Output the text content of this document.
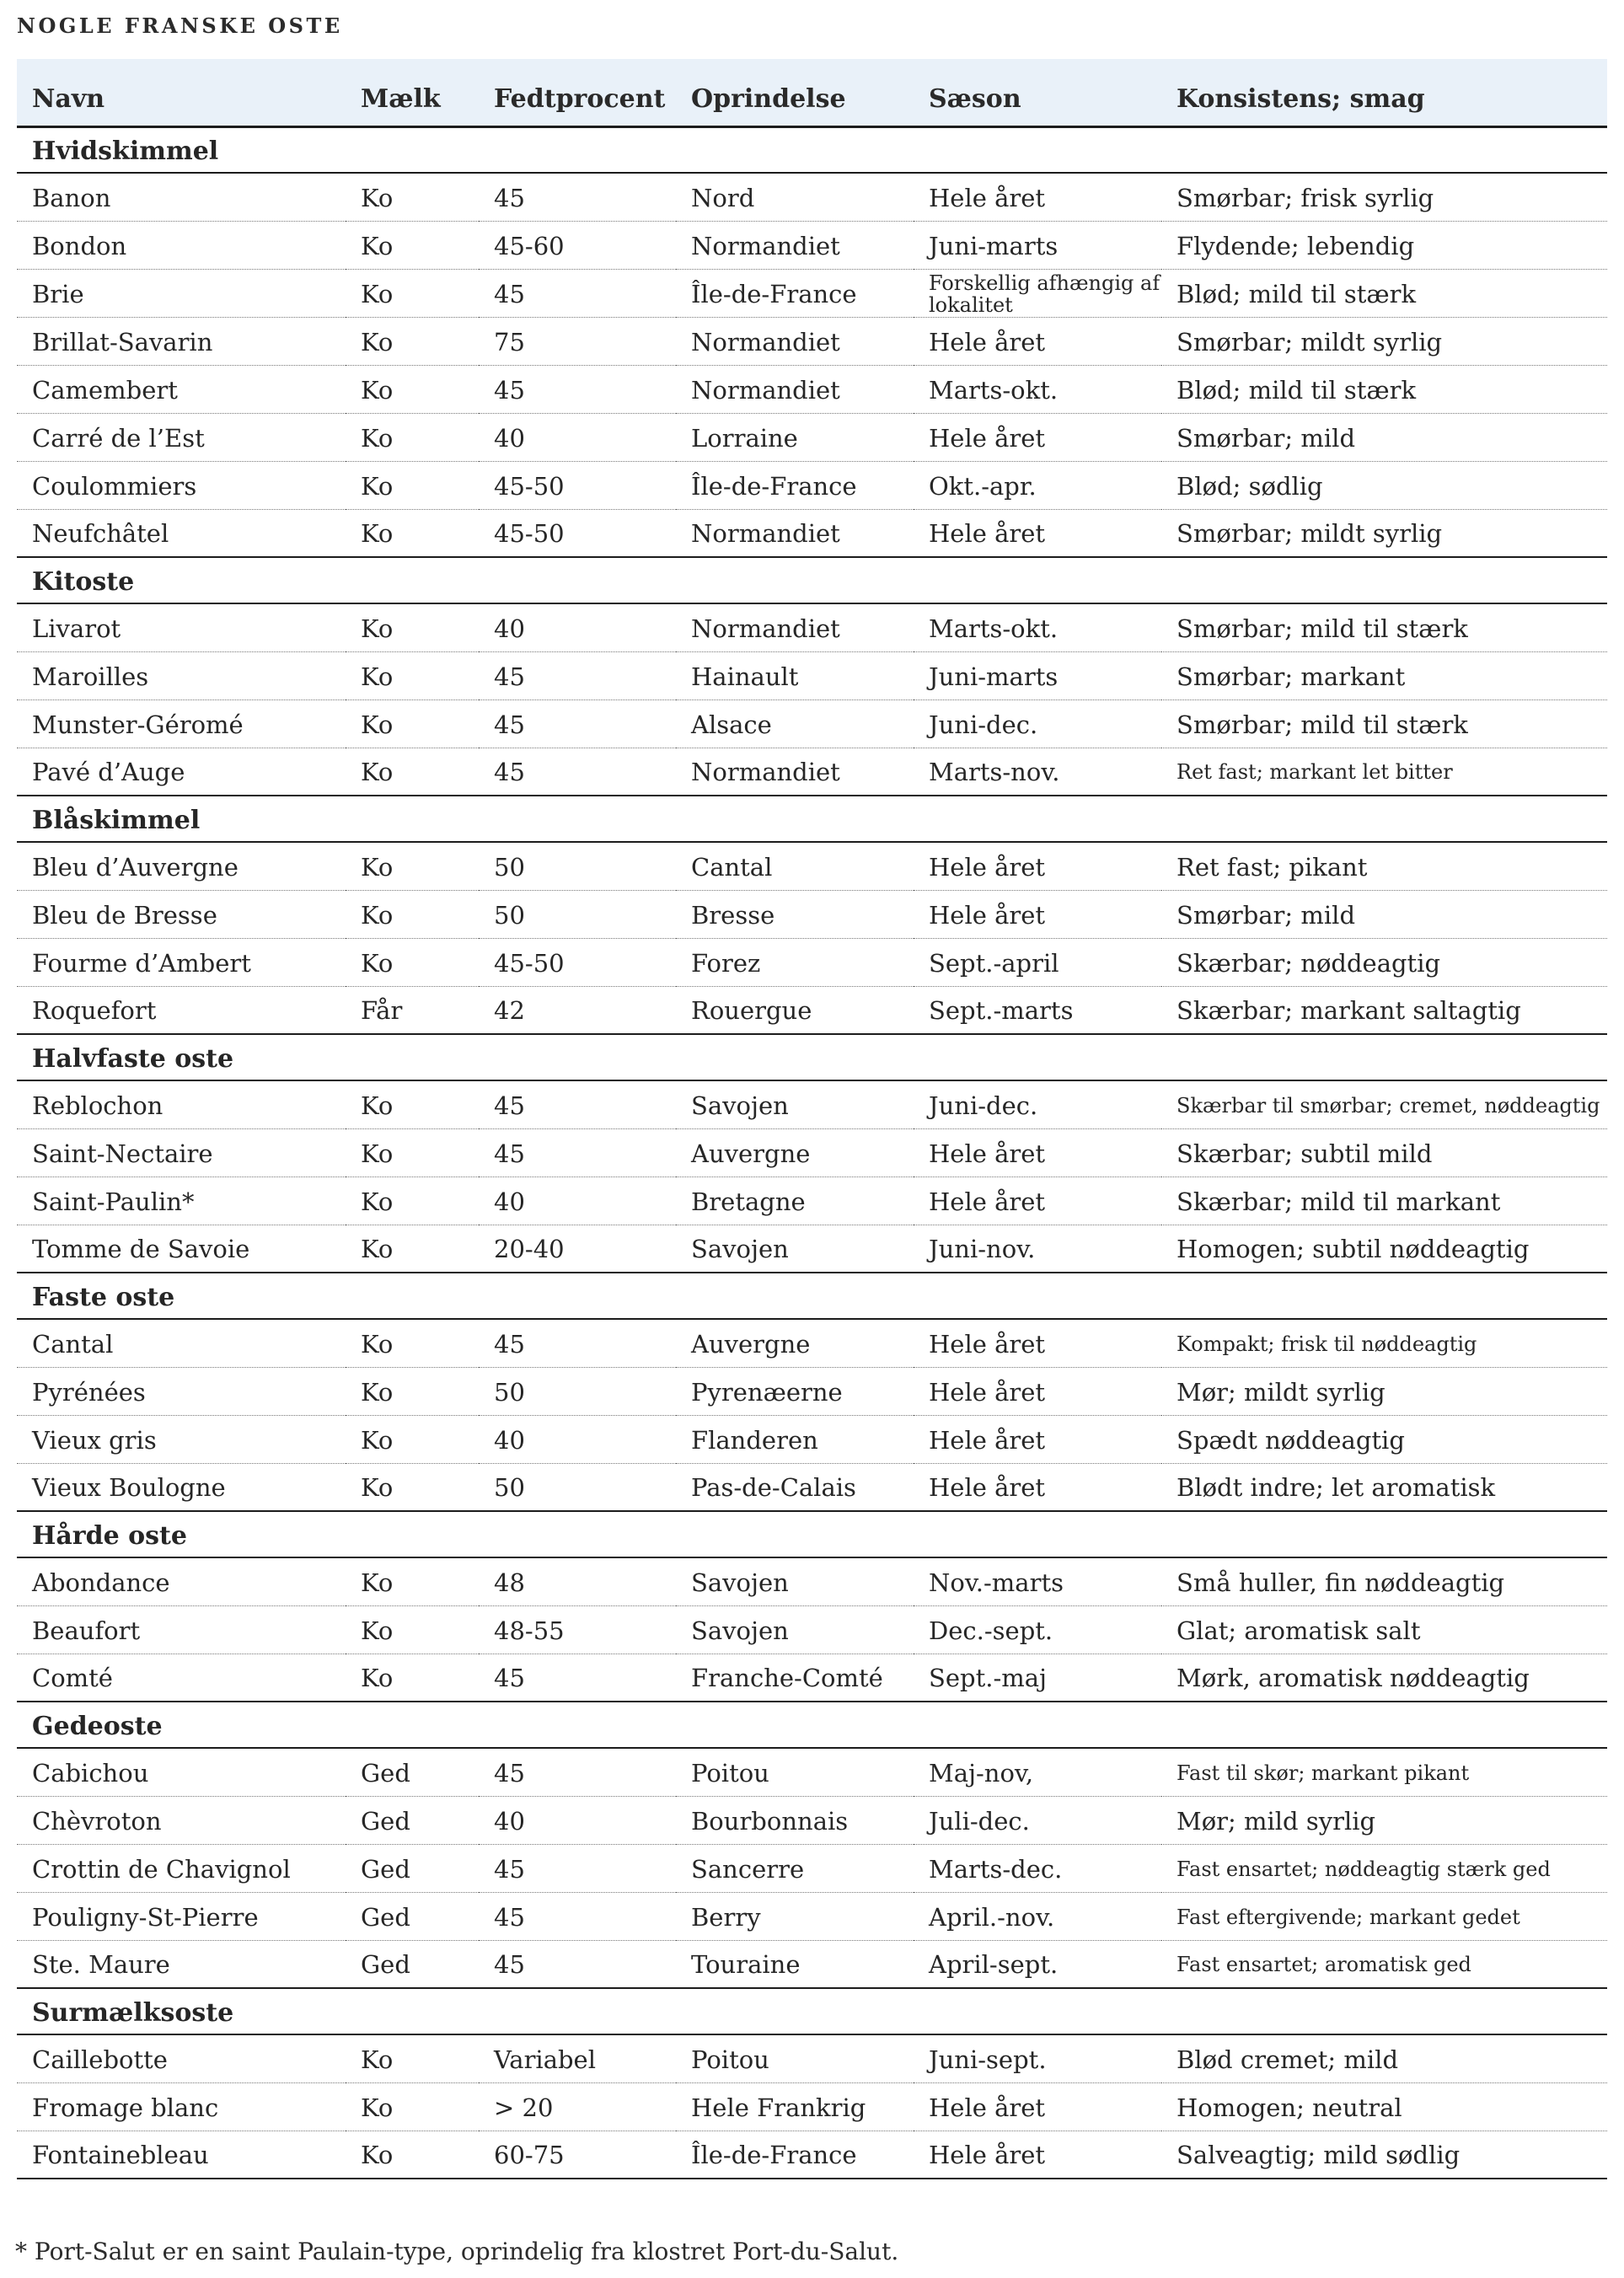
NOGLE FRANSKE OSTE
Navn	Mælk	Fedtprocent	Oprindelse	Sæson	Konsistens; smag
Hvidskimmel					
Banon	Ko	45	Nord	Hele året	Smørbar; frisk syrlig
Bondon	Ko	45-60	Normandiet	Juni-marts	Flydende; lebendig
Brie	Ko	45	Île-de-France	Forskellig afhængig af lokalitet	Blød; mild til stærk
Brillat-Savarin	Ko	75	Normandiet	Hele året	Smørbar; mildt syrlig
Camembert	Ko	45	Normandiet	Marts-okt.	Blød; mild til stærk
Carré de l’Est	Ko	40	Lorraine	Hele året	Smørbar; mild
Coulommiers	Ko	45-50	Île-de-France	Okt.-apr.	Blød; sødlig
Neufchâtel	Ko	45-50	Normandiet	Hele året	Smørbar; mildt syrlig
Kitoste					
Livarot	Ko	40	Normandiet	Marts-okt.	Smørbar; mild til stærk
Maroilles	Ko	45	Hainault	Juni-marts	Smørbar; markant
Munster-Géromé	Ko	45	Alsace	Juni-dec.	Smørbar; mild til stærk
Pavé d’Auge	Ko	45	Normandiet	Marts-nov.	Ret fast; markant let bitter
Blåskimmel					
Bleu d’Auvergne	Ko	50	Cantal	Hele året	Ret fast; pikant
Bleu de Bresse	Ko	50	Bresse	Hele året	Smørbar; mild
Fourme d’Ambert	Ko	45-50	Forez	Sept.-april	Skærbar; nøddeagtig
Roquefort	Får	42	Rouergue	Sept.-marts	Skærbar; markant saltagtig
Halvfaste oste					
Reblochon	Ko	45	Savojen	Juni-dec.	Skærbar til smørbar; cremet, nøddeagtig
Saint-Nectaire	Ko	45	Auvergne	Hele året	Skærbar; subtil mild
Saint-Paulin*	Ko	40	Bretagne	Hele året	Skærbar; mild til markant
Tomme de Savoie	Ko	20-40	Savojen	Juni-nov.	Homogen; subtil nøddeagtig
Faste oste					
Cantal	Ko	45	Auvergne	Hele året	Kompakt; frisk til nøddeagtig
Pyrénées	Ko	50	Pyrenæerne	Hele året	Mør; mildt syrlig
Vieux gris	Ko	40	Flanderen	Hele året	Spædt nøddeagtig
Vieux Boulogne	Ko	50	Pas-de-Calais	Hele året	Blødt indre; let aromatisk
Hårde oste					
Abondance	Ko	48	Savojen	Nov.-marts	Små huller, fin nøddeagtig
Beaufort	Ko	48-55	Savojen	Dec.-sept.	Glat; aromatisk salt
Comté	Ko	45	Franche-Comté	Sept.-maj	Mørk, aromatisk nøddeagtig
Gedeoste					
Cabichou	Ged	45	Poitou	Maj-nov,	Fast til skør; markant pikant
Chèvroton	Ged	40	Bourbonnais	Juli-dec.	Mør; mild syrlig
Crottin de Chavignol	Ged	45	Sancerre	Marts-dec.	Fast ensartet; nøddeagtig stærk ged
Pouligny-St-Pierre	Ged	45	Berry	April.-nov.	Fast eftergivende; markant gedet
Ste. Maure	Ged	45	Touraine	April-sept.	Fast ensartet; aromatisk ged
Surmælksoste					
Caillebotte	Ko	Variabel	Poitou	Juni-sept.	Blød cremet; mild
Fromage blanc	Ko	> 20	Hele Frankrig	Hele året	Homogen; neutral
Fontainebleau	Ko	60-75	Île-de-France	Hele året	Salveagtig; mild sødlig
* Port-Salut er en saint Paulain-type, oprindelig fra klostret Port-du-Salut.
